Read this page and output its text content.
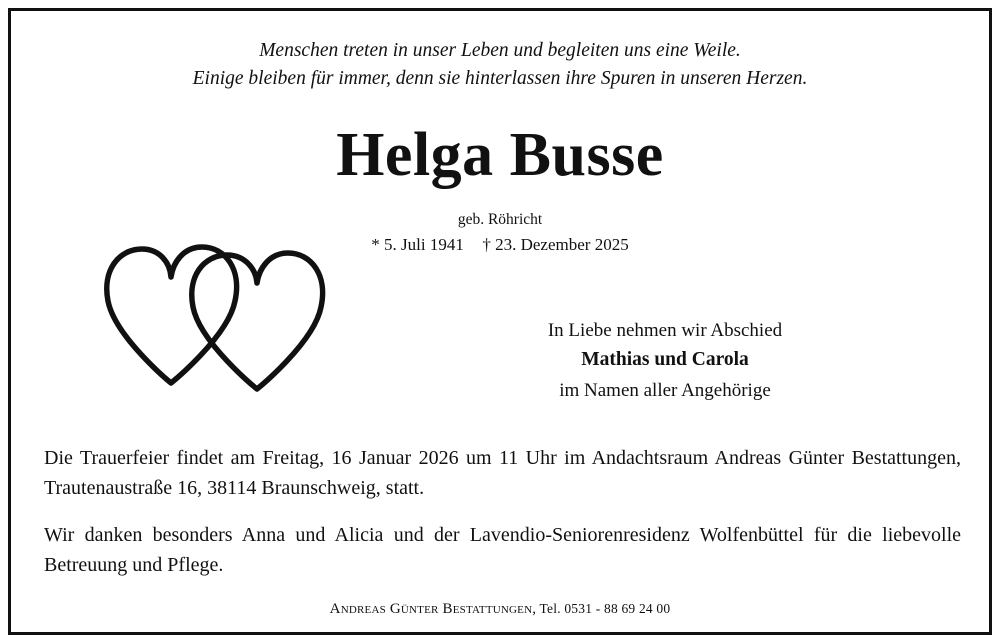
Menschen treten in unser Leben und begleiten uns eine Weile.
Einige bleiben für immer, denn sie hinterlassen ihre Spuren in unseren Herzen.
Helga Busse
geb. Röhricht
* 5. Juli 1941 † 23. Dezember 2025
In Liebe nehmen wir Abschied
Mathias und Carola
im Namen aller Angehörige

Die Trauerfeier findet am Freitag, 16 Januar 2026 um 11 Uhr im Andachtsraum Andreas Günter Bestattungen, Trautenaustraße 16, 38114 Braunschweig, statt.

Wir danken besonders Anna und Alicia und der Lavendio-Seniorenresidenz Wolfenbüttel für die liebevolle Betreuung und Pflege.

Andreas Günter Bestattungen, Tel. 0531 - 88 69 24 00
